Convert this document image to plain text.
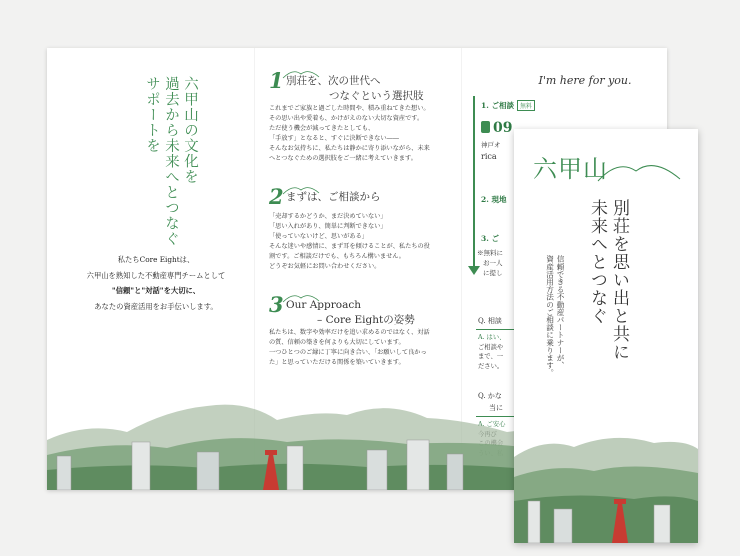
六甲山の文化を
過去から未来へとつなぐ
サポートを
私たちCore Eightは、
六甲山を熟知した不動産専門チームとして
"信頼"と"対話"を大切に、
あなたの資産活用をお手伝いします。
1 別荘を、次の世代へ
つなぐという選択肢
これまでご家族と過ごした時間や、積み重ねてきた想い。
その思い出や愛着も、かけがえのない大切な資産です。
ただ使う機会が減ってきたとしても、
「手放す」となると、すぐに決断できない――
そんなお気持ちに、私たちは静かに寄り添いながら、未来
へとつなぐための選択肢をご一緒に考えていきます。
2 まずは、ご相談から
「売却するかどうか、まだ決めていない」
「思い入れがあり、簡単に判断できない」
「使っていないけど、思いがある」
そんな迷いや感情に、まず耳を傾けることが、私たちの役
割です。ご相談だけでも、もちろん構いません。
どうぞお気軽にお問い合わせください。
3 Our Approach
– Core Eightの姿勢
私たちは、数字や効率だけを追い求めるのではなく、対話
の質、信頼の築きを何よりも大切にしています。
一つひとつのご縁に丁寧に向き合い、「お願いして良かっ
た」と思っていただける関係を築いていきます。
I'm here for you.
1. ご相談 無料
09
神戸オ
rica
2. 現地
3. ご
※無料に
お一人
に提し
Q. 相談
A. はい、
ご相談や
まで、一
ださい。
Q. かな
当に
A. ご安心
六甲山
別荘を思い出と共に
未来へとつなぐ
信頼できる不動産パートナーが、
資産活用方法のご相談に乗ります。
